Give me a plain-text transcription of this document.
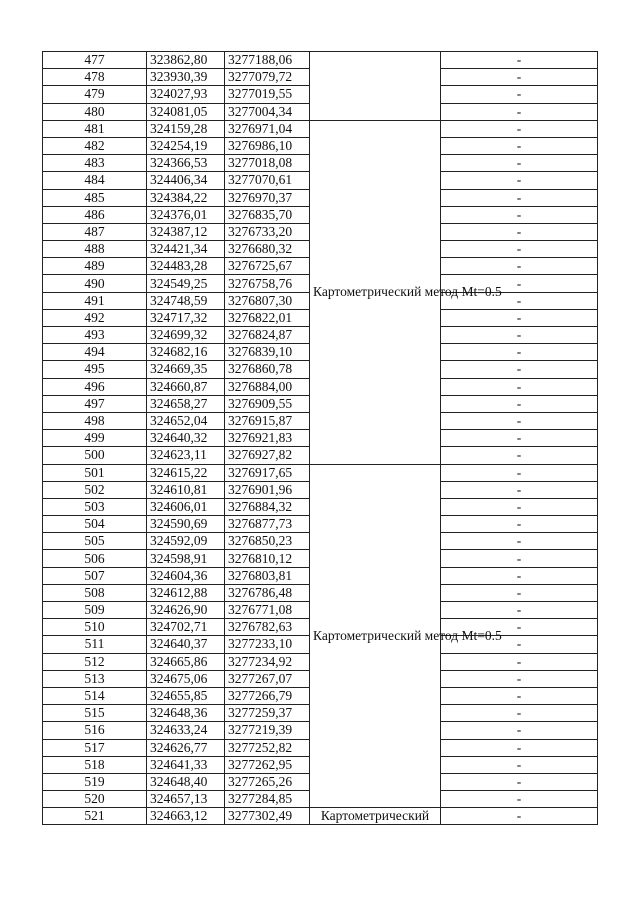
477	323862,80	3277188,06		-
478	323930,39	3277079,72		-
479	324027,93	3277019,55		-
480	324081,05	3277004,34		-
481	324159,28	3276971,04	Картометрический метод Mt=0.5	-
482	324254,19	3276986,10		-
483	324366,53	3277018,08		-
484	324406,34	3277070,61		-
485	324384,22	3276970,37		-
486	324376,01	3276835,70		-
487	324387,12	3276733,20		-
488	324421,34	3276680,32		-
489	324483,28	3276725,67		-
490	324549,25	3276758,76		-
491	324748,59	3276807,30		-
492	324717,32	3276822,01		-
493	324699,32	3276824,87		-
494	324682,16	3276839,10		-
495	324669,35	3276860,78		-
496	324660,87	3276884,00		-
497	324658,27	3276909,55		-
498	324652,04	3276915,87		-
499	324640,32	3276921,83		-
500	324623,11	3276927,82		-
501	324615,22	3276917,65	Картометрический метод Mt=0.5	-
502	324610,81	3276901,96		-
503	324606,01	3276884,32		-
504	324590,69	3276877,73		-
505	324592,09	3276850,23		-
506	324598,91	3276810,12		-
507	324604,36	3276803,81		-
508	324612,88	3276786,48		-
509	324626,90	3276771,08		-
510	324702,71	3276782,63		-
511	324640,37	3277233,10		-
512	324665,86	3277234,92		-
513	324675,06	3277267,07		-
514	324655,85	3277266,79		-
515	324648,36	3277259,37		-
516	324633,24	3277219,39		-
517	324626,77	3277252,82		-
518	324641,33	3277262,95		-
519	324648,40	3277265,26		-
520	324657,13	3277284,85		-
521	324663,12	3277302,49	Картометрический	-
